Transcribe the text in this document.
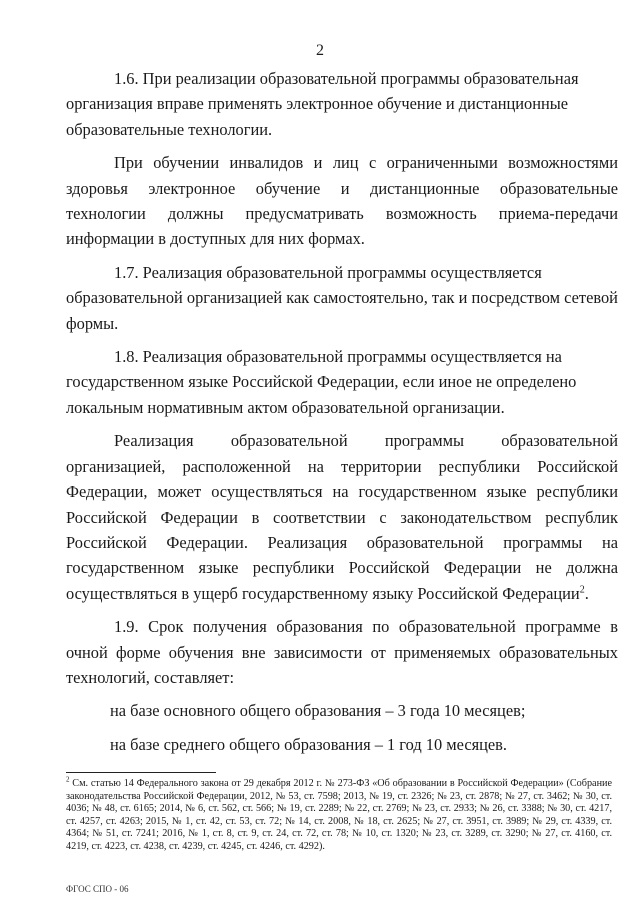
2

1.6. При реализации образовательной программы образовательная организация вправе применять электронное обучение и дистанционные образовательные технологии.

При обучении инвалидов и лиц с ограниченными возможностями здоровья электронное обучение и дистанционные образовательные технологии должны предусматривать возможность приема-передачи информации в доступных для них формах.

1.7. Реализация образовательной программы осуществляется образовательной организацией как самостоятельно, так и посредством сетевой формы.

1.8. Реализация образовательной программы осуществляется на государственном языке Российской Федерации, если иное не определено локальным нормативным актом образовательной организации.

Реализация образовательной программы образовательной организацией, расположенной на территории республики Российской Федерации, может осуществляться на государственном языке республики Российской Федерации в соответствии с законодательством республик Российской Федерации. Реализация образовательной программы на государственном языке республики Российской Федерации не должна осуществляться в ущерб государственному языку Российской Федерации$^2$.

1.9. Срок получения образования по образовательной программе в очной форме обучения вне зависимости от применяемых образовательных технологий, составляет:

на базе основного общего образования – 3 года 10 месяцев;

на базе среднего общего образования – 1 год 10 месяцев.

$^2$ См. статью 14 Федерального закона от 29 декабря 2012 г. № 273-ФЗ «Об образовании в Российской Федерации» (Собрание законодательства Российской Федерации, 2012, № 53, ст. 7598; 2013, № 19, ст. 2326; № 23, ст. 2878; № 27, ст. 3462; № 30, ст. 4036; № 48, ст. 6165; 2014, № 6, ст. 562, ст. 566; № 19, ст. 2289; № 22, ст. 2769; № 23, ст. 2933; № 26, ст. 3388; № 30, ст. 4217, ст. 4257, ст. 4263; 2015, № 1, ст. 42, ст. 53, ст. 72; № 14, ст. 2008, № 18, ст. 2625; № 27, ст. 3951, ст. 3989; № 29, ст. 4339, ст. 4364; № 51, ст. 7241; 2016, № 1, ст. 8, ст. 9, ст. 24, ст. 72, ст. 78; № 10, ст. 1320; № 23, ст. 3289, ст. 3290; № 27, ст. 4160, ст. 4219, ст. 4223, ст. 4238, ст. 4239, ст. 4245, ст. 4246, ст. 4292).
ФГОС СПО - 06
